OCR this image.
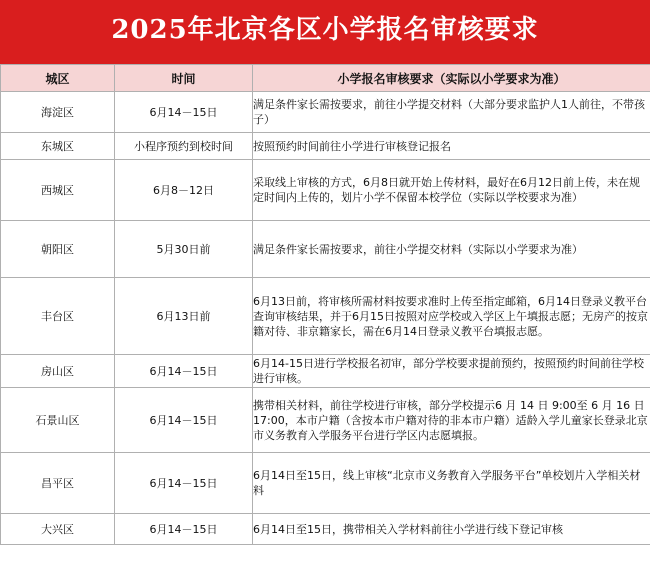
2025年北京各区小学报名审核要求
城区	时间	小学报名审核要求（实际以小学要求为准）
海淀区	6月14－15日	满足条件家长需按要求，前往小学提交材料（大部分要求监护人1人前往，不带孩子）
东城区	小程序预约到校时间	按照预约时间前往小学进行审核登记报名
西城区	6月8－12日	采取线上审核的方式，6月8日就开始上传材料，最好在6月12日前上传，未在规定时间内上传的，划片小学不保留本校学位（实际以学校要求为准）
朝阳区	5月30日前	满足条件家长需按要求，前往小学提交材料（实际以小学要求为准）
丰台区	6月13日前	6月13日前，将审核所需材料按要求准时上传至指定邮箱，6月14日登录义教平台查询审核结果，并于6月15日按照对应学校或入学区上午填报志愿；无房产的按京籍对待、非京籍家长，需在6月14日登录义教平台填报志愿。
房山区	6月14－15日	6月14-15日进行学校报名初审，部分学校要求提前预约，按照预约时间前往学校进行审核。
石景山区	6月14－15日	携带相关材料，前往学校进行审核，部分学校提示6 月 14 日 9:00至 6 月 16 日 17:00，本市户籍（含按本市户籍对待的非本市户籍）适龄入学儿童家长登录北京市义务教育入学服务平台进行学区内志愿填报。
昌平区	6月14－15日	6月14日至15日，线上审核“北京市义务教育入学服务平台”单校划片入学相关材料
大兴区	6月14－15日	6月14日至15日，携带相关入学材料前往小学进行线下登记审核
